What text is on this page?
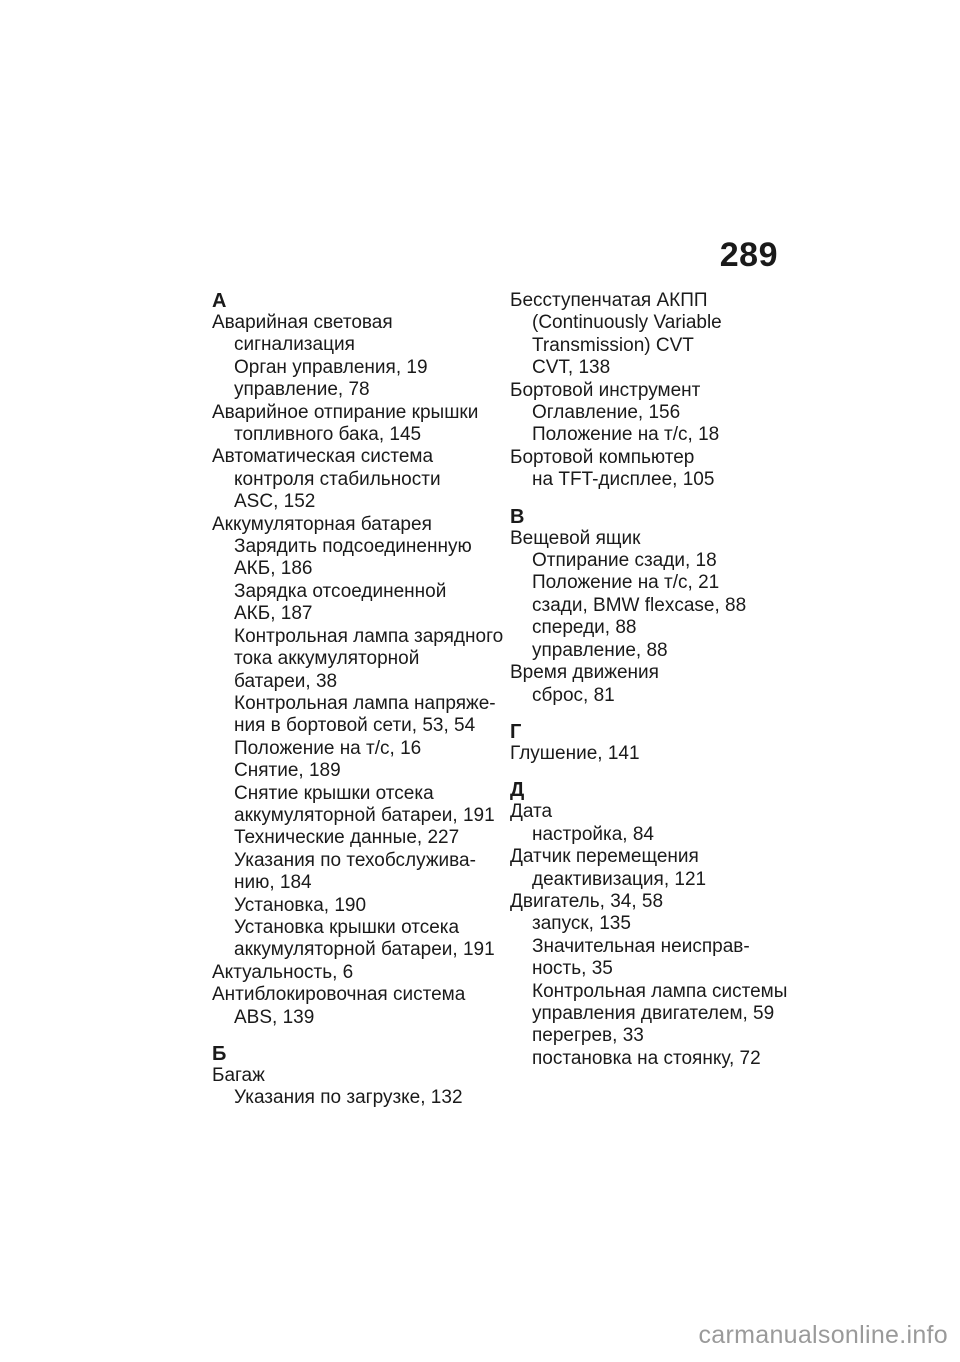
289
А
Аварийная световая
сигнализация
Орган управления, 19
управление, 78
Аварийное отпирание крышки
топливного бака, 145
Автоматическая система
контроля стабильности
ASC, 152
Аккумуляторная батарея
Зарядить подсоединенную
АКБ, 186
Зарядка отсоединенной
АКБ, 187
Контрольная лампа зарядного
тока аккумуляторной
батареи, 38
Контрольная лампа напряже-
ния в бортовой сети, 53, 54
Положение на т/с, 16
Снятие, 189
Снятие крышки отсека
аккумуляторной батареи, 191
Технические данные, 227
Указания по техобслужива-
нию, 184
Установка, 190
Установка крышки отсека
аккумуляторной батареи, 191
Актуальность, 6
Антиблокировочная система
ABS, 139
Б
Багаж
Указания по загрузке, 132
Бесступенчатая АКПП
(Continuously Variable
Transmission) CVT
CVT, 138
Бортовой инструмент
Оглавление, 156
Положение на т/с, 18
Бортовой компьютер
на TFT-дисплее, 105
В
Вещевой ящик
Отпирание сзади, 18
Положение на т/с, 21
сзади, BMW flexcase, 88
спереди, 88
управление, 88
Время движения
сброс, 81
Г
Глушение, 141
Д
Дата
настройка, 84
Датчик перемещения
деактивизация, 121
Двигатель, 34, 58
запуск, 135
Значительная неисправ-
ность, 35
Контрольная лампа системы
управления двигателем, 59
перегрев, 33
постановка на стоянку, 72
carmanualsonline.info
